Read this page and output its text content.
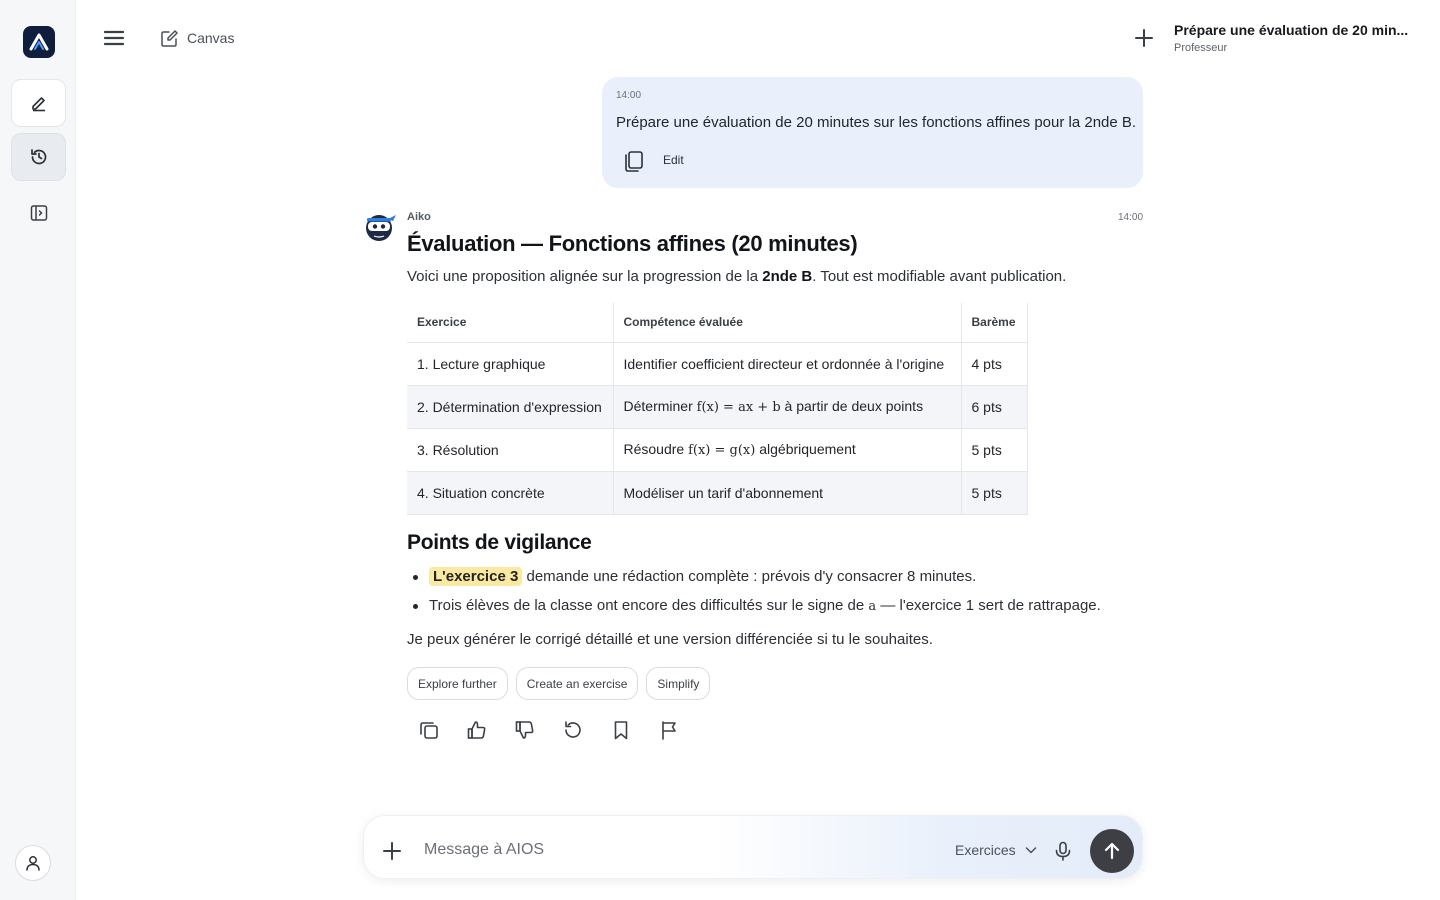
Canvas	Prépare une évaluation de 20 min...
Professeur
14:00
Prépare une évaluation de 20 minutes sur les fonctions affines pour la 2nde B.
Edit
Aiko	14:00
Évaluation — Fonctions affines (20 minutes)
Voici une proposition alignée sur la progression de la 2nde B. Tout est modifiable avant publication.
Exercice	Compétence évaluée	Barème
1. Lecture graphique	Identifier coefficient directeur et ordonnée à l'origine	4 pts
2. Détermination d'expression	Déterminer f(x) = ax + b à partir de deux points	6 pts
3. Résolution	Résoudre f(x) = g(x) algébriquement	5 pts
4. Situation concrète	Modéliser un tarif d'abonnement	5 pts
Points de vigilance
L'exercice 3 demande une rédaction complète : prévois d'y consacrer 8 minutes.
Trois élèves de la classe ont encore des difficultés sur le signe de a — l'exercice 1 sert de rattrapage.
Je peux générer le corrigé détaillé et une version différenciée si tu le souhaites.
Explore further	Create an exercise	Simplify
Message à AIOS
Exercices
